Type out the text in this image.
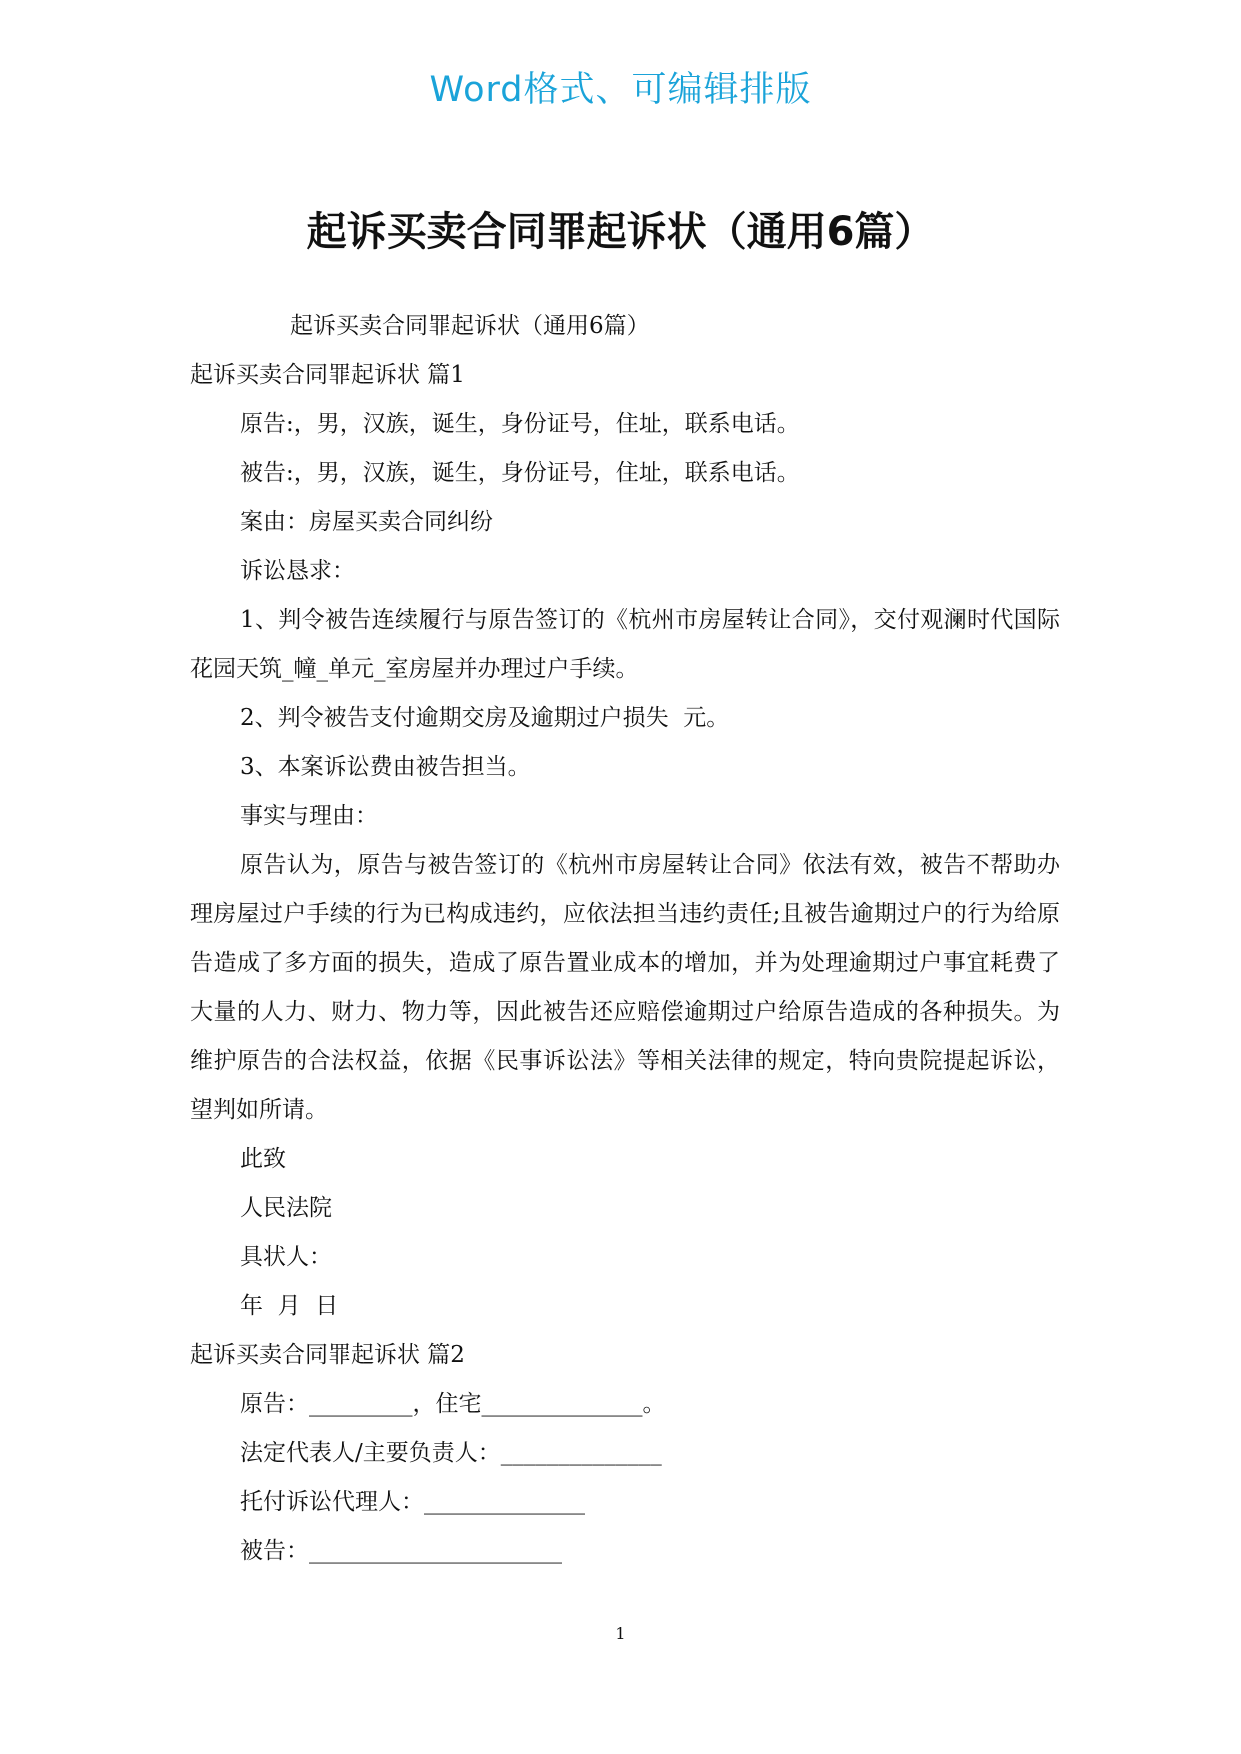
Word格式、可编辑排版
起诉买卖合同罪起诉状（通用6篇）
起诉买卖合同罪起诉状（通用6篇）
起诉买卖合同罪起诉状 篇1
原告:，男，汉族，诞生，身份证号，住址，联系电话。
被告:，男，汉族，诞生，身份证号，住址，联系电话。
案由：房屋买卖合同纠纷
诉讼恳求：

1、判令被告连续履行与原告签订的《杭州市房屋转让合同》，交付观澜时代国际花园天筑_幢_单元_室房屋并办理过户手续。

2、判令被告支付逾期交房及逾期过户损失  元。
3、本案诉讼费由被告担当。
事实与理由：

原告认为，原告与被告签订的《杭州市房屋转让合同》依法有效，被告不帮助办理房屋过户手续的行为已构成违约，应依法担当违约责任;且被告逾期过户的行为给原告造成了多方面的损失，造成了原告置业成本的增加，并为处理逾期过户事宜耗费了大量的人力、财力、物力等，因此被告还应赔偿逾期过户给原告造成的各种损失。为维护原告的合法权益，依据《民事诉讼法》等相关法律的规定，特向贵院提起诉讼，望判如所请。

此致
人民法院
具状人：
年  月  日
起诉买卖合同罪起诉状 篇2
原告：_________，住宅______________。
法定代表人/主要负责人：______________
托付诉讼代理人：______________
被告：______________________
1
